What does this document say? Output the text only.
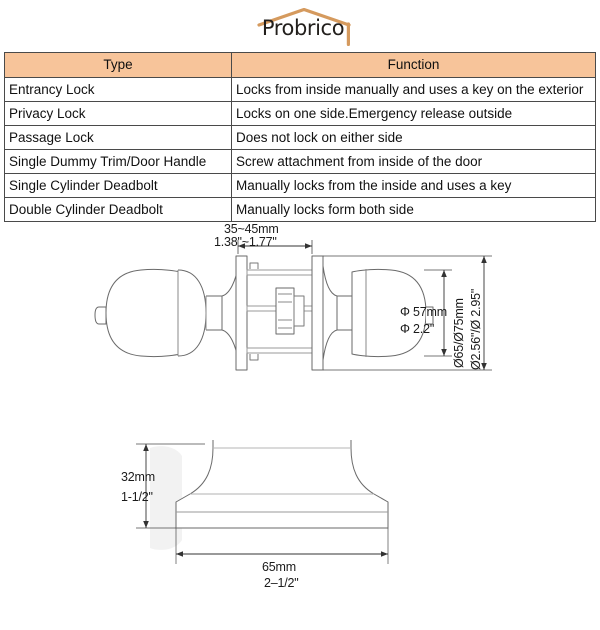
Probrico
Type	Function
Entrancy Lock	Locks from inside manually and uses a key on the exterior
Privacy Lock	Locks on one side.Emergency release outside
Passage Lock	Does not lock on either side
Single Dummy Trim/Door Handle	Screw attachment from inside of the door
Single Cylinder Deadbolt	Manually locks from the inside and uses a key
Double Cylinder Deadbolt	Manually locks form both side
35~45mm
1.38"~1.77"
Φ 57mm
Φ 2.2" Ø65/Ø75mm Ø2.56"/Ø 2.95"
32mm
1-1/2"
65mm
2–1/2"
